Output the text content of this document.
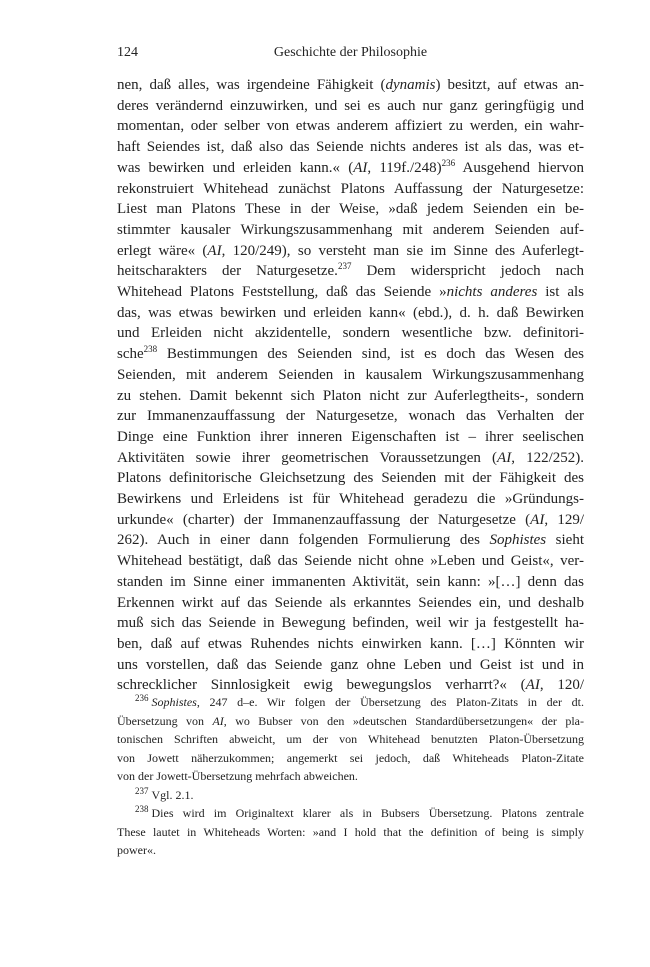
124	Geschichte der Philosophie
nen, daß alles, was irgendeine Fähigkeit (dynamis) besitzt, auf etwas an-
deres verändernd einzuwirken, und sei es auch nur ganz geringfügig und
momentan, oder selber von etwas anderem affiziert zu werden, ein wahr-
haft Seiendes ist, daß also das Seiende nichts anderes ist als das, was et-
was bewirken und erleiden kann.« (AI, 119f./248)$^{236}$ Ausgehend hiervon
rekonstruiert Whitehead zunächst Platons Auffassung der Naturgesetze:
Liest man Platons These in der Weise, »daß jedem Seienden ein be-
stimmter kausaler Wirkungszusammenhang mit anderem Seienden auf-
erlegt wäre« (AI, 120/249), so versteht man sie im Sinne des Auferlegt-
heitscharakters der Naturgesetze.$^{237}$ Dem widerspricht jedoch nach
Whitehead Platons Feststellung, daß das Seiende »nichts anderes ist als
das, was etwas bewirken und erleiden kann« (ebd.), d. h. daß Bewirken
und Erleiden nicht akzidentelle, sondern wesentliche bzw. definitori-
sche$^{238}$ Bestimmungen des Seienden sind, ist es doch das Wesen des
Seienden, mit anderem Seienden in kausalem Wirkungszusammenhang
zu stehen. Damit bekennt sich Platon nicht zur Auferlegtheits-, sondern
zur Immanenzauffassung der Naturgesetze, wonach das Verhalten der
Dinge eine Funktion ihrer inneren Eigenschaften ist – ihrer seelischen
Aktivitäten sowie ihrer geometrischen Voraussetzungen (AI, 122/252).
Platons definitorische Gleichsetzung des Seienden mit der Fähigkeit des
Bewirkens und Erleidens ist für Whitehead geradezu die »Gründungs-
urkunde« (charter) der Immanenzauffassung der Naturgesetze (AI, 129/
262). Auch in einer dann folgenden Formulierung des Sophistes sieht
Whitehead bestätigt, daß das Seiende nicht ohne »Leben und Geist«, ver-
standen im Sinne einer immanenten Aktivität, sein kann: »[…] denn das
Erkennen wirkt auf das Seiende als erkanntes Seiendes ein, und deshalb
muß sich das Seiende in Bewegung befinden, weil wir ja festgestellt ha-
ben, daß auf etwas Ruhendes nichts einwirken kann. […] Könnten wir
uns vorstellen, daß das Seiende ganz ohne Leben und Geist ist und in
schrecklicher Sinnlosigkeit ewig bewegungslos verharrt?« (AI, 120/
$^{236}$ Sophistes, 247 d–e. Wir folgen der Übersetzung des Platon-Zitats in der dt.
Übersetzung von AI, wo Bubser von den »deutschen Standardübersetzungen« der pla-
tonischen Schriften abweicht, um der von Whitehead benutzten Platon-Übersetzung
von Jowett näherzukommen; angemerkt sei jedoch, daß Whiteheads Platon-Zitate
von der Jowett-Übersetzung mehrfach abweichen.
$^{237}$ Vgl. 2.1.
$^{238}$ Dies wird im Originaltext klarer als in Bubsers Übersetzung. Platons zentrale
These lautet in Whiteheads Worten: »and I hold that the definition of being is simply
power«.
